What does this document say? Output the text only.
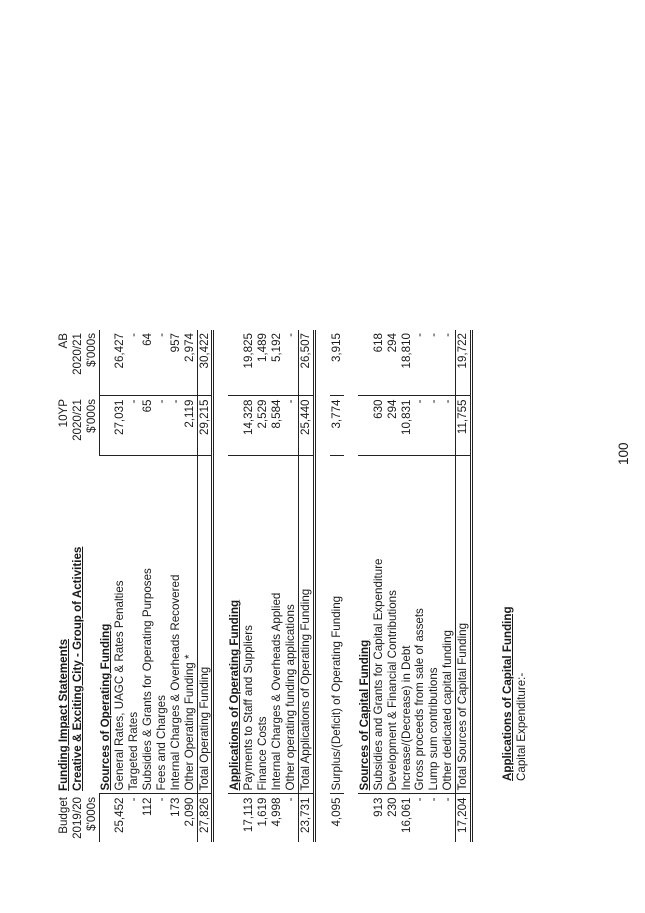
Budget	Funding Impact Statements	10YP	AB
2019/20	Creative & Exciting City - Group of Activities	2020/21	2020/21
$'000s		$'000s	$'000s
	Sources of Operating Funding		
25,452	General Rates, UAGC & Rates Penalties	27,031	26,427
-	Targeted Rates	-	-
112	Subsidies & Grants for Operating Purposes	65	64
-	Fees and Charges	-	-
173	Internal Charges & Overheads Recovered	-	957
2,090	Other Operating Funding *	2,119	2,974
27,826	Total Operating Funding	29,215	30,422

	Applications of Operating Funding		
17,113	Payments to Staff and Suppliers	14,328	19,825
1,619	Finance Costs	2,529	1,489
4,998	Internal Charges & Overheads Applied	8,584	5,192
-	Other operating funding applications	-	-
23,731	Total Applications of Operating Funding	25,440	26,507

4,095	Surplus/(Deficit) of Operating Funding	3,774	3,915

	Sources of Capital Funding		
913	Subsidies and Grants for Capital Expenditure	630	618
230	Development & Financial Contributions	294	294
16,061	Increase/(Decrease) in Debt	10,831	18,810
-	Gross proceeds from sale of assets	-	-
-	Lump sum contributions	-	-
-	Other dedicated capital funding	-	-
17,204	Total Sources of Capital Funding	11,755	19,722

	Applications of Capital Funding		
	Capital Expenditure:-		
100
